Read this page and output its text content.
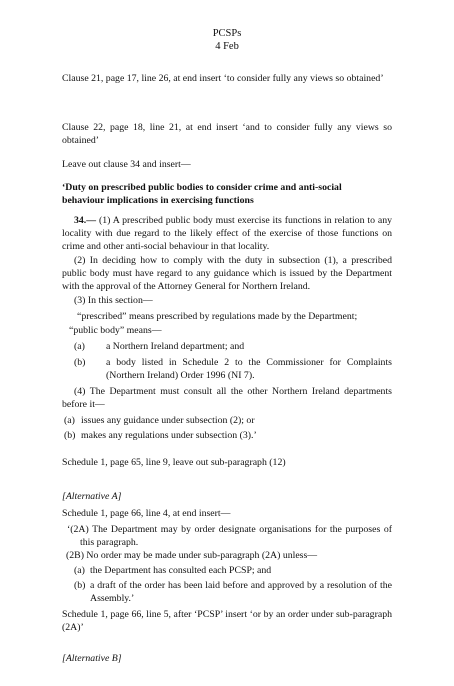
PCSPs
4 Feb
Clause 21, page 17, line 26, at end insert ‘to consider fully any views so obtained’
Clause 22, page 18, line 21, at end insert ‘and to consider fully any views so obtained’
Leave out clause 34 and insert—
‘Duty on prescribed public bodies to consider crime and anti-social behaviour implications in exercising functions
34.— (1) A prescribed public body must exercise its functions in relation to any locality with due regard to the likely effect of the exercise of those functions on crime and other anti-social behaviour in that locality.
(2) In deciding how to comply with the duty in subsection (1), a prescribed public body must have regard to any guidance which is issued by the Department with the approval of the Attorney General for Northern Ireland.
(3) In this section—
“prescribed” means prescribed by regulations made by the Department;
“public body” means—
(a) a Northern Ireland department; and
(b) a body listed in Schedule 2 to the Commissioner for Complaints (Northern Ireland) Order 1996 (NI 7).
(4) The Department must consult all the other Northern Ireland departments before it—
(a) issues any guidance under subsection (2); or
(b) makes any regulations under subsection (3).’
Schedule 1, page 65, line 9, leave out sub-paragraph (12)
[Alternative A]
Schedule 1, page 66, line 4, at end insert—
‘(2A) The Department may by order designate organisations for the purposes of this paragraph.
(2B) No order may be made under sub-paragraph (2A) unless—
(a) the Department has consulted each PCSP; and
(b) a draft of the order has been laid before and approved by a resolution of the Assembly.’
Schedule 1, page 66, line 5, after ‘PCSP’ insert ‘or by an order under sub-paragraph (2A)’
[Alternative B]
